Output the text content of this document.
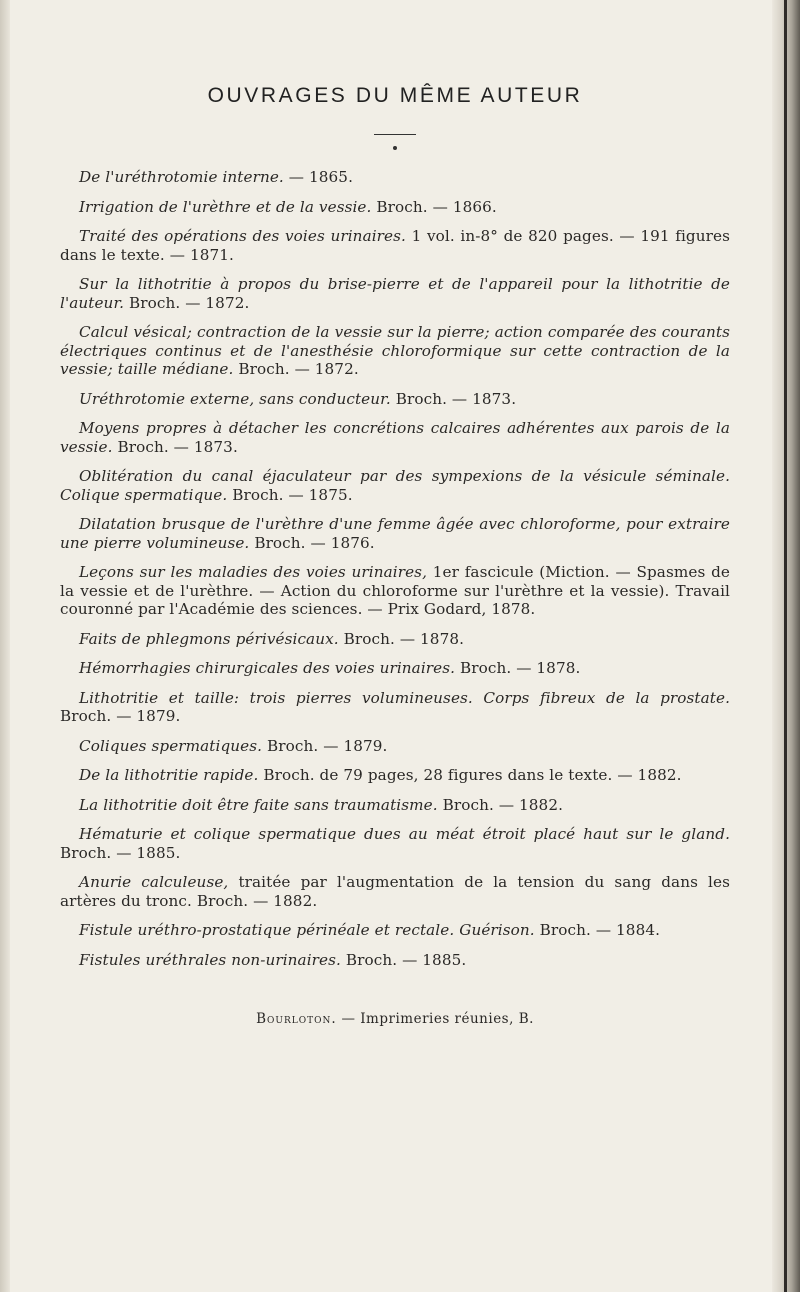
OUVRAGES DU MÊME AUTEUR

De l'uréthrotomie interne. — 1865.

Irrigation de l'urèthre et de la vessie. Broch. — 1866.

Traité des opérations des voies urinaires. 1 vol. in-8° de 820 pages. — 191 figures dans le texte. — 1871.

Sur la lithotritie à propos du brise-pierre et de l'appareil pour la lithotritie de l'auteur. Broch. — 1872.

Calcul vésical; contraction de la vessie sur la pierre; action comparée des courants électriques continus et de l'anesthésie chloroformique sur cette contraction de la vessie; taille médiane. Broch. — 1872.

Uréthrotomie externe, sans conducteur. Broch. — 1873.

Moyens propres à détacher les concrétions calcaires adhérentes aux parois de la vessie. Broch. — 1873.

Oblitération du canal éjaculateur par des sympexions de la vésicule séminale. Colique spermatique. Broch. — 1875.

Dilatation brusque de l'urèthre d'une femme âgée avec chloroforme, pour extraire une pierre volumineuse. Broch. — 1876.

Leçons sur les maladies des voies urinaires, 1er fascicule (Miction. — Spasmes de la vessie et de l'urèthre. — Action du chloroforme sur l'urèthre et la vessie). Travail couronné par l'Académie des sciences. — Prix Godard, 1878.

Faits de phlegmons périvésicaux. Broch. — 1878.

Hémorrhagies chirurgicales des voies urinaires. Broch. — 1878.

Lithotritie et taille: trois pierres volumineuses. Corps fibreux de la prostate. Broch. — 1879.

Coliques spermatiques. Broch. — 1879.

De la lithotritie rapide. Broch. de 79 pages, 28 figures dans le texte. — 1882.

La lithotritie doit être faite sans traumatisme. Broch. — 1882.

Hématurie et colique spermatique dues au méat étroit placé haut sur le gland. Broch. — 1885.

Anurie calculeuse, traitée par l'augmentation de la tension du sang dans les artères du tronc. Broch. — 1882.

Fistule uréthro-prostatique périnéale et rectale. Guérison. Broch. — 1884.

Fistules uréthrales non-urinaires. Broch. — 1885.

Bourloton. — Imprimeries réunies, B.
